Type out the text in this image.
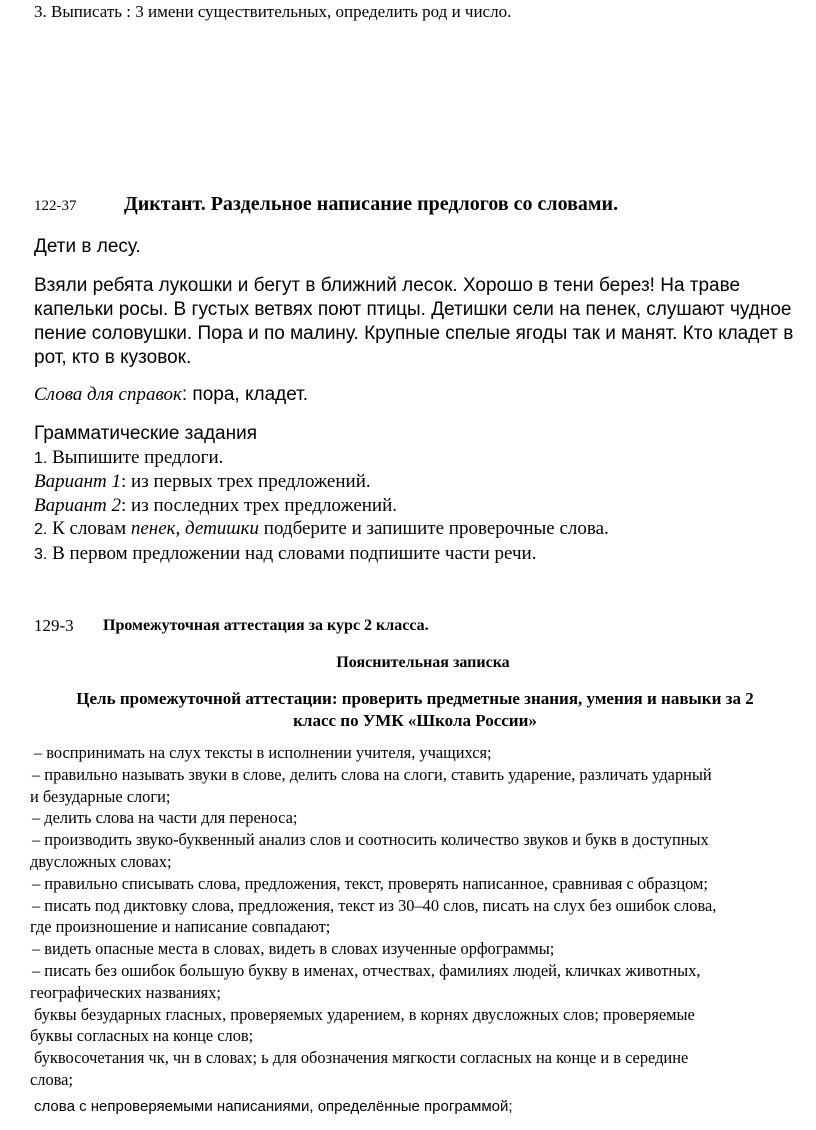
3. Выписать : 3 имени существительных, определить род и число.
122-37 Диктант. Раздельное написание предлогов со словами.
Дети в лесу.
Взяли ребята лукошки и бегут в ближний лесок. Хорошо в тени берез! На траве
капельки росы. В густых ветвях поют птицы. Детишки сели на пенек, слушают чудное
пение соловушки. Пора и по малину. Крупные спелые ягоды так и манят. Кто кладет в
рот, кто в кузовок.
Слова для справок: пора, кладет.
Грамматические задания
1. Выпишите предлоги.
Вариант 1: из первых трех предложений.
Вариант 2: из последних трех предложений.
2. К словам пенек, детишки подберите и запишите проверочные слова.
3. В первом предложении над словами подпишите части речи.
129-3 Промежуточная аттестация за курс 2 класса.
Пояснительная записка
Цель промежуточной аттестации: проверить предметные знания, умения и навыки за 2
класс по УМК «Школа России»
– воспринимать на слух тексты в исполнении учителя, учащихся;
– правильно называть звуки в слове, делить слова на слоги, ставить ударение, различать ударный
и безударные слоги;
– делить слова на части для переноса;
– производить звуко-буквенный анализ слов и соотносить количество звуков и букв в доступных
двусложных словах;
– правильно списывать слова, предложения, текст, проверять написанное, сравнивая с образцом;
– писать под диктовку слова, предложения, текст из 30–40 слов, писать на слух без ошибок слова,
где произношение и написание совпадают;
– видеть опасные места в словах, видеть в словах изученные орфограммы;
– писать без ошибок большую букву в именах, отчествах, фамилиях людей, кличках животных,
географических названиях;
буквы безударных гласных, проверяемых ударением, в корнях двусложных слов; проверяемые
буквы согласных на конце слов;
буквосочетания чк, чн в словах; ь для обозначения мягкости согласных на конце и в середине
слова;
слова с непроверяемыми написаниями, определённые программой;
